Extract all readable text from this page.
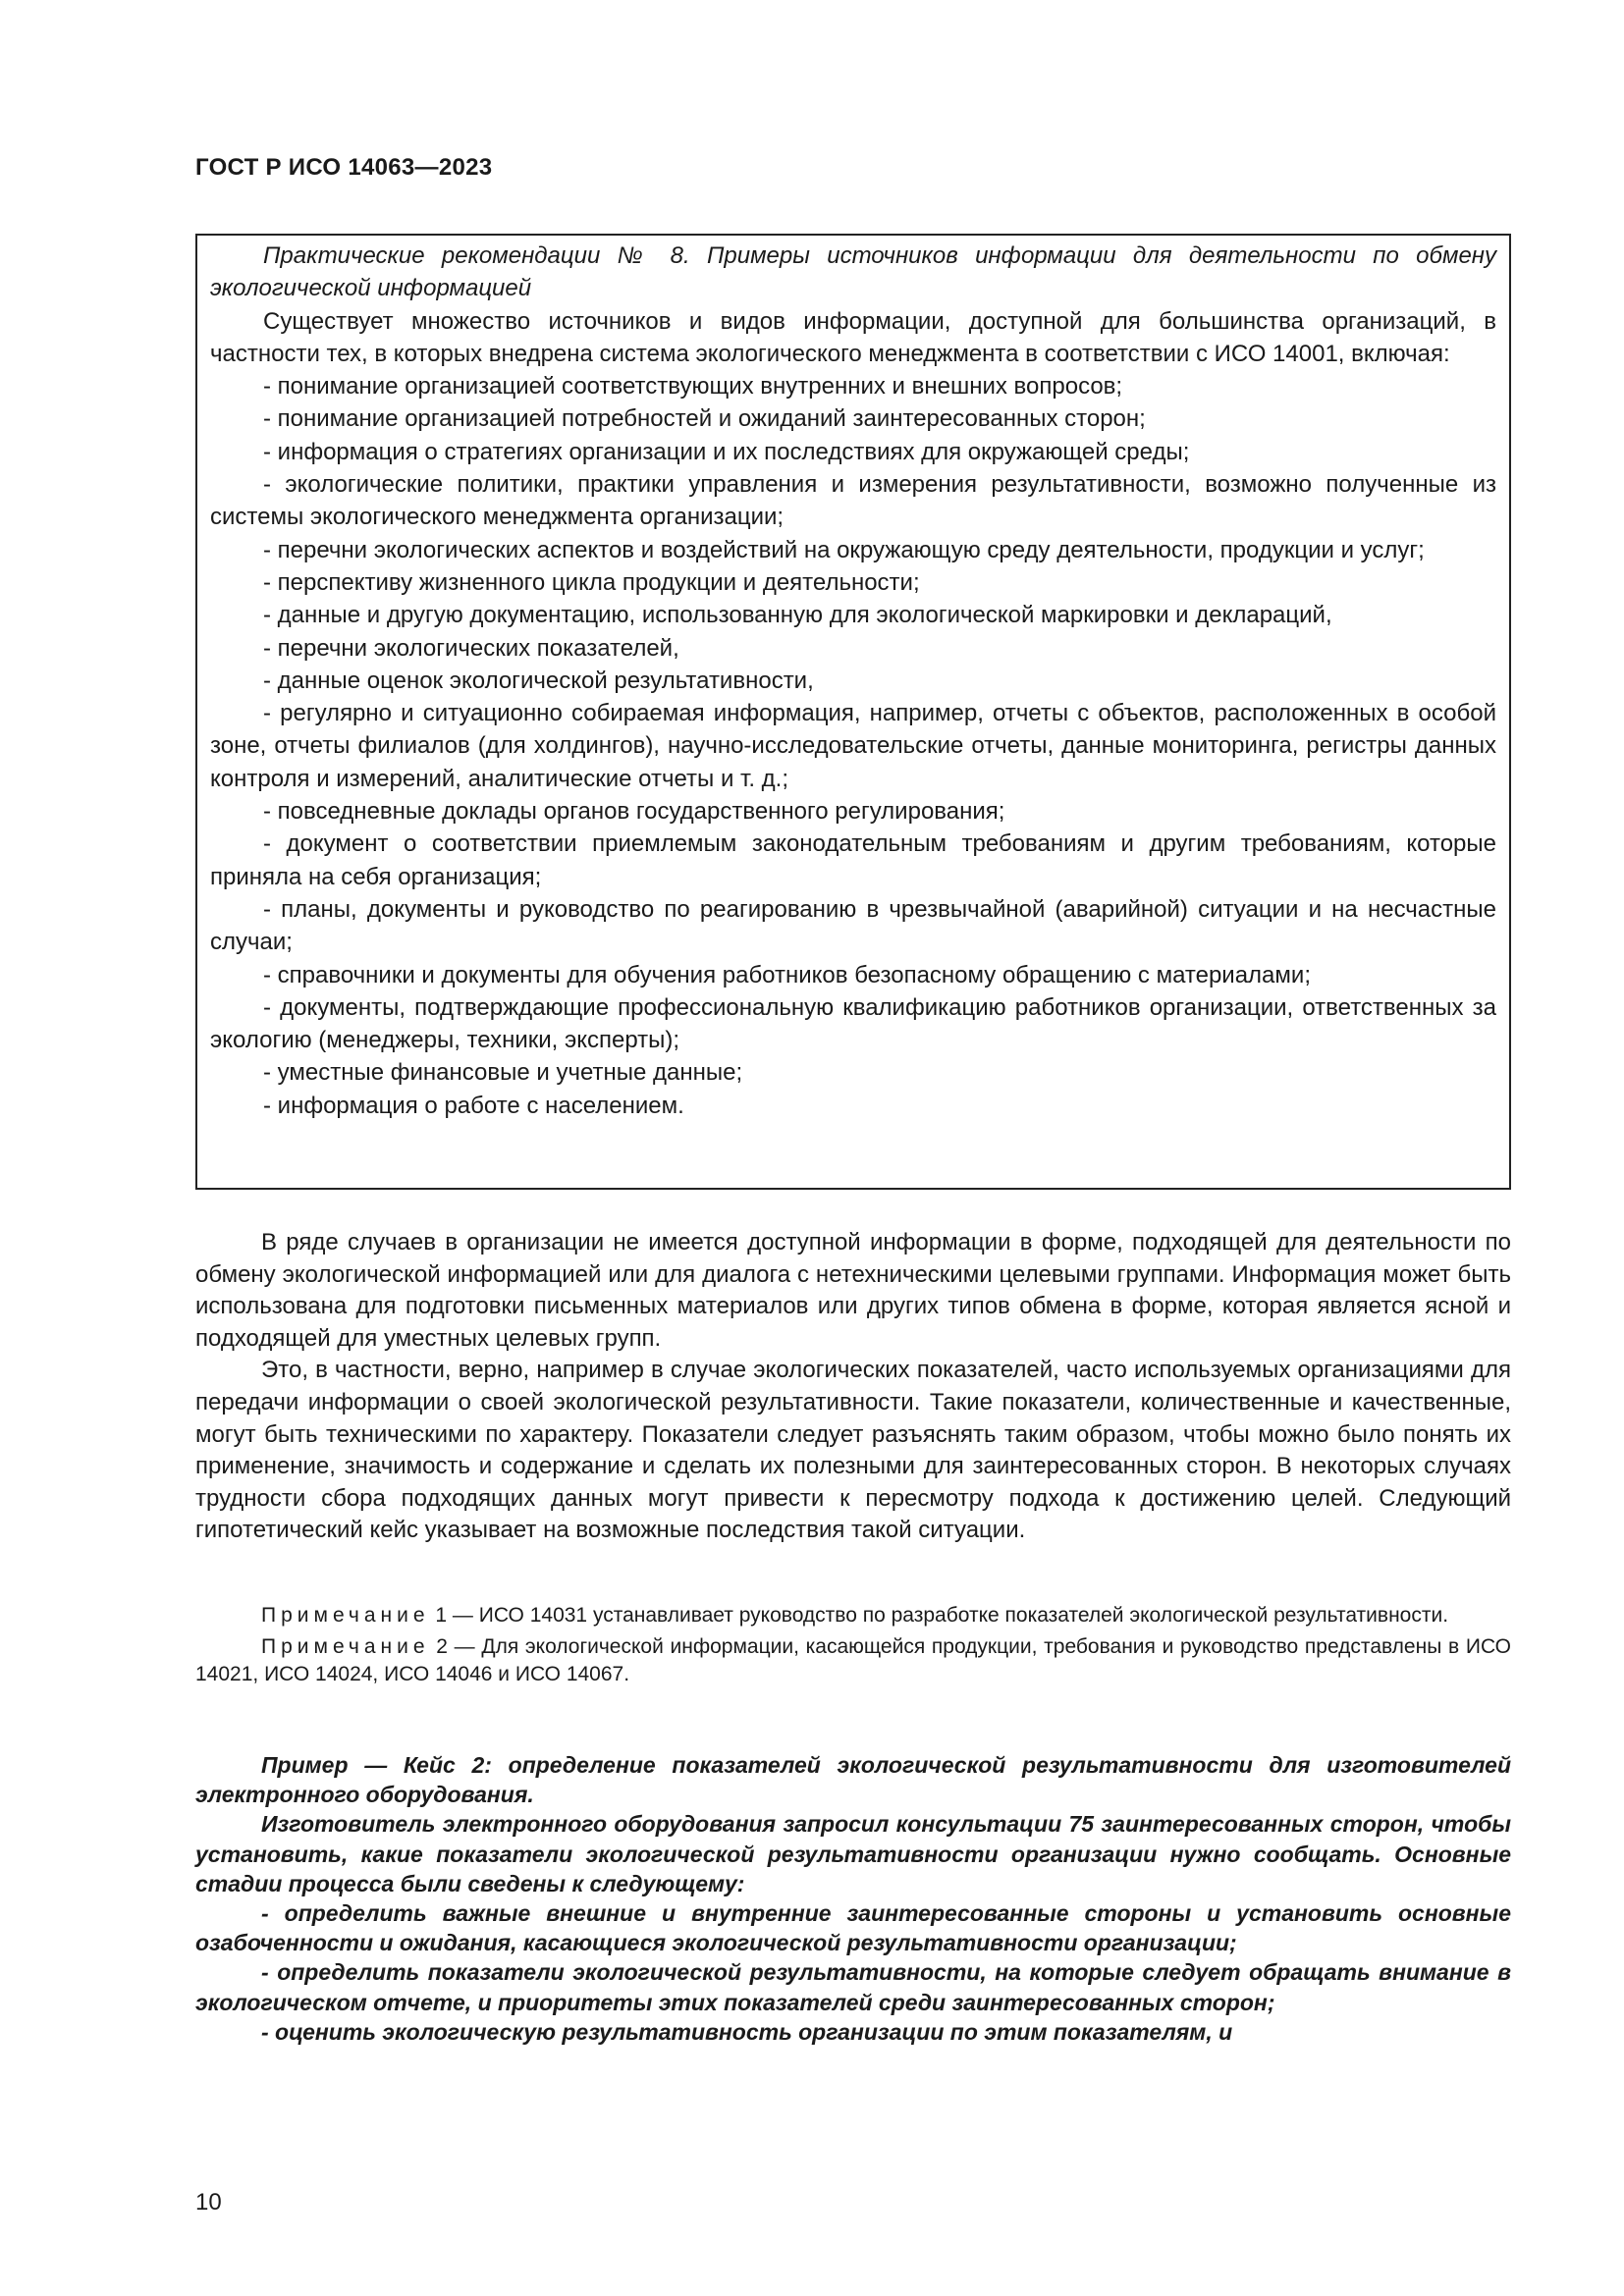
ГОСТ Р ИСО 14063—2023

Практические рекомендации № 8. Примеры источников информации для деятельности по обмену экологической информацией

Существует множество источников и видов информации, доступной для большинства организаций, в частности тех, в которых внедрена система экологического менеджмента в соответствии с ИСО 14001, включая:

- понимание организацией соответствующих внутренних и внешних вопросов;

- понимание организацией потребностей и ожиданий заинтересованных сторон;

- информация о стратегиях организации и их последствиях для окружающей среды;

- экологические политики, практики управления и измерения результативности, возможно полученные из системы экологического менеджмента организации;

- перечни экологических аспектов и воздействий на окружающую среду деятельности, продукции и услуг;

- перспективу жизненного цикла продукции и деятельности;

- данные и другую документацию, использованную для экологической маркировки и деклараций,

- перечни экологических показателей,

- данные оценок экологической результативности,

- регулярно и ситуационно собираемая информация, например, отчеты с объектов, расположенных в особой зоне, отчеты филиалов (для холдингов), научно-исследовательские отчеты, данные мониторинга, регистры данных контроля и измерений, аналитические отчеты и т. д.;

- повседневные доклады органов государственного регулирования;

- документ о соответствии приемлемым законодательным требованиям и другим требованиям, которые приняла на себя организация;

- планы, документы и руководство по реагированию в чрезвычайной (аварийной) ситуации и на несчастные случаи;

- справочники и документы для обучения работников безопасному обращению с материалами;

- документы, подтверждающие профессиональную квалификацию работников организации, ответственных за экологию (менеджеры, техники, эксперты);

- уместные финансовые и учетные данные;

- информация о работе с населением.

В ряде случаев в организации не имеется доступной информации в форме, подходящей для деятельности по обмену экологической информацией или для диалога с нетехническими целевыми группами. Информация может быть использована для подготовки письменных материалов или других типов обмена в форме, которая является ясной и подходящей для уместных целевых групп.

Это, в частности, верно, например в случае экологических показателей, часто используемых организациями для передачи информации о своей экологической результативности. Такие показатели, количественные и качественные, могут быть техническими по характеру. Показатели следует разъяснять таким образом, чтобы можно было понять их применение, значимость и содержание и сделать их полезными для заинтересованных сторон. В некоторых случаях трудности сбора подходящих данных могут привести к пересмотру подхода к достижению целей. Следующий гипотетический кейс указывает на возможные последствия такой ситуации.

Примечание 1 — ИСО 14031 устанавливает руководство по разработке показателей экологической результативности.

Примечание 2 — Для экологической информации, касающейся продукции, требования и руководство представлены в ИСО 14021, ИСО 14024, ИСО 14046 и ИСО 14067.

Пример — Кейс 2: определение показателей экологической результативности для изготовителей электронного оборудования.

Изготовитель электронного оборудования запросил консультации 75 заинтересованных сторон, чтобы установить, какие показатели экологической результативности организации нужно сообщать. Основные стадии процесса были сведены к следующему:

- определить важные внешние и внутренние заинтересованные стороны и установить основные озабоченности и ожидания, касающиеся экологической результативности организации;

- определить показатели экологической результативности, на которые следует обращать внимание в экологическом отчете, и приоритеты этих показателей среди заинтересованных сторон;

- оценить экологическую результативность организации по этим показателям, и

10
